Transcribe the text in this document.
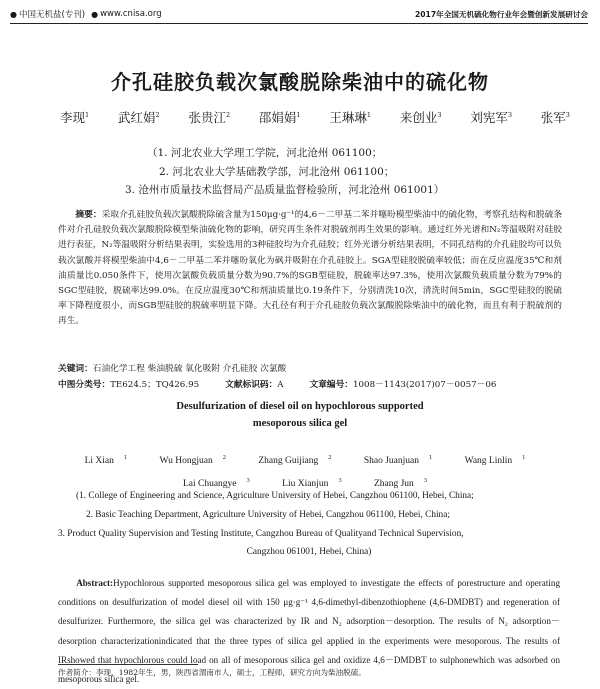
● 中国无机盐(专刊) ● www.cnisa.org	2017年全国无机硫化物行业年会暨创新发展研讨会
介孔硅胶负载次氯酸脱除柴油中的硫化物
李现$^1$ 武红娟$^2$ 张贵江$^2$ 邵娟娟$^1$ 王琳琳$^1$ 来创业$^3$ 刘宪军$^3$ 张军$^3$
（1. 河北农业大学理工学院，河北沧州 061100；
2. 河北农业大学基础教学部，河北沧州 061100；
3. 沧州市质量技术监督局产品质量监督检验所，河北沧州 061001）
摘要：采取介孔硅胶负载次氯酸脱除硫含量为150μg·g⁻¹的4,6－二甲基二苯并噻吩模型柴油中的硫化物，考察孔结构和脱硫条件对介孔硅胶负载次氯酸脱除模型柴油硫化物的影响，研究再生条件对脱硫剂再生效果的影响。通过红外光谱和N₂等温吸附对硅胶进行表征，N₂等温吸附分析结果表明，实验选用的3种硅胶均为介孔硅胶；红外光谱分析结果表明，不同孔结构的介孔硅胶均可以负载次氯酸并将模型柴油中4,6－二甲基二苯并噻吩氧化为砜并吸附在介孔硅胶上。SGA型硅胶脱硫率较低；而在反应温度35℃和剂油质量比0.050条件下，使用次氯酸负载质量分数为90.7%的SGB型硅胶，脱硫率达97.3%，使用次氯酸负载质量分数为79%的SGC型硅胶，脱硫率达99.0%。在反应温度30℃和剂油质量比0.19条件下，分别清洗10次，清洗时间5min，SGC型硅胶的脱硫率下降程度很小，而SGB型硅胶的脱硫率明显下降。大孔径有利于介孔硅胶负载次氯酸脱除柴油中的硫化物，而且有利于脱硫剂的再生。
关键词：石油化学工程 柴油脱硫 氧化吸附 介孔硅胶 次氯酸
中图分类号：TE624.5；TQ426.95	文献标识码：A	文章编号：1008－1143(2017)07－0057－06
Desulfurization of diesel oil on hypochlorous supported
mesoporous silica gel
Li Xian $^1$	Wu Hongjuan $^2$	Zhang Guijiang $^2$	Shao Juanjuan $^1$	Wang Linlin $^1$
Lai Chuangye $^3$	Liu Xianjun $^3$	Zhang Jun $^3$
(1. College of Engineering and Science, Agriculture University of Hebei, Cangzhou 061100, Hebei, China;
2. Basic Teaching Department, Agriculture University of Hebei, Cangzhou 061100, Hebei, China;
3. Product Quality Supervision and Testing Institute, Cangzhou Bureau of Qualityand Technical Supervision,
Cangzhou 061001, Hebei, China)
Abstract:Hypochlorous supported mesoporous silica gel was employed to investigate the effects of porestructure and operating conditions on desulfurization of model diesel oil with 150 μg·g⁻¹ 4,6-dimethyl-dibenzothiophene (4,6-DMDBT) and regeneration of desulfurizer. Furthermore, the silica gel was characterized by IR and N₂ adsorption－desorption. The results of N₂ adsorption－desorption characterizationindicated that the three types of silica gel applied in the experiments were mesoporous. The results of IRshowed that hypochlorous could load on all of mesoporous silica gel and oxidize 4,6－DMDBT to sulphonewhich was adsorbed on mesoporous silica gel.
作者简介：李现，1982年生，男，陕西省渭南市人，硕士，工程师，研究方向为柴油脱硫。
